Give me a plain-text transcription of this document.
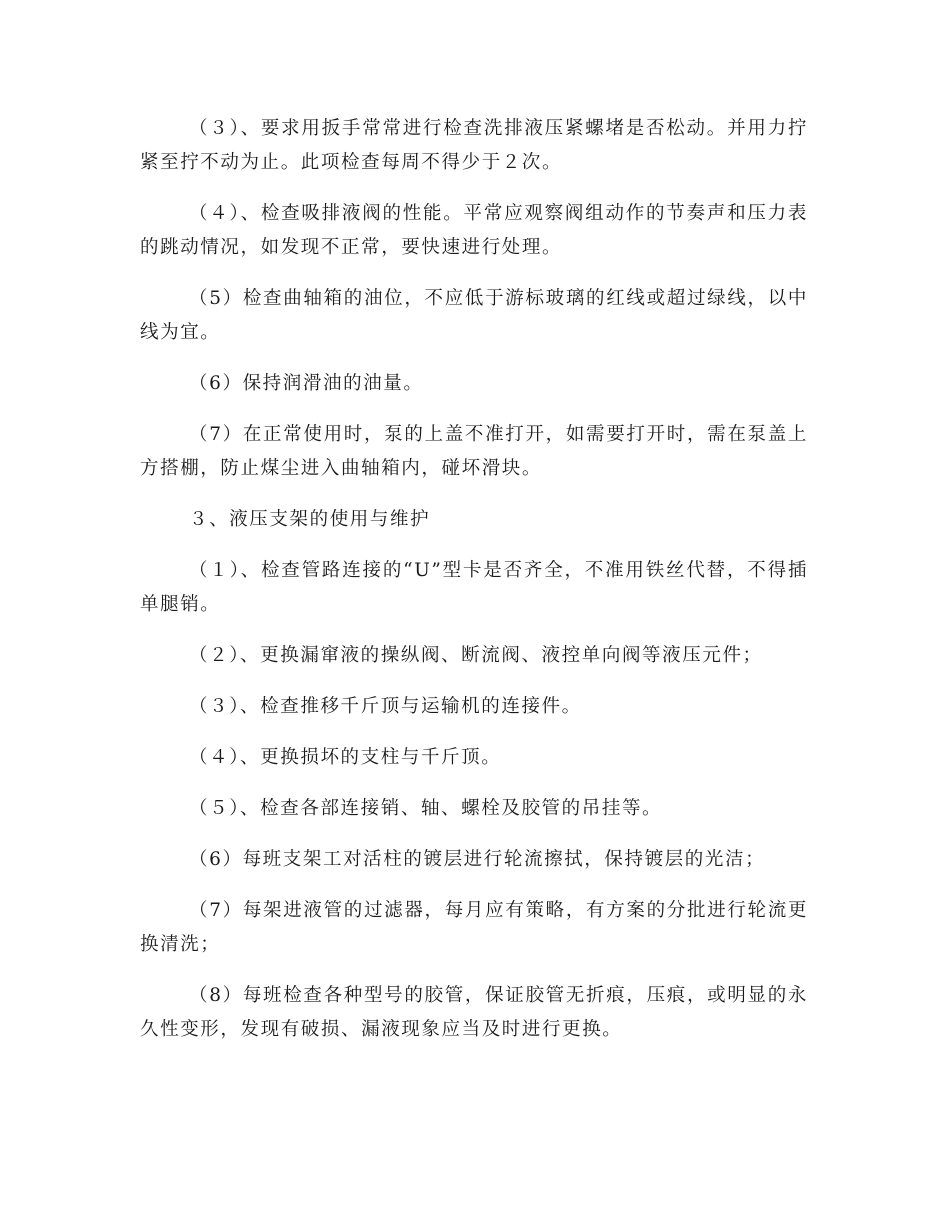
（３）、要求用扳手常常进行检查洗排液压紧螺堵是否松动。并用力拧紧至拧不动为止。此项检查每周不得少于２次。

（４）、检查吸排液阀的性能。平常应观察阀组动作的节奏声和压力表的跳动情况，如发现不正常，要快速进行处理。

（5）检查曲轴箱的油位，不应低于游标玻璃的红线或超过绿线，以中线为宜。

（6）保持润滑油的油量。

（7）在正常使用时，泵的上盖不准打开，如需要打开时，需在泵盖上方搭棚，防止煤尘进入曲轴箱内，碰坏滑块。

３、液压支架的使用与维护

（１）、检查管路连接的“U”型卡是否齐全，不准用铁丝代替，不得插单腿销。

（２）、更换漏窜液的操纵阀、断流阀、液控单向阀等液压元件；

（３）、检查推移千斤顶与运输机的连接件。

（４）、更换损坏的支柱与千斤顶。

（５）、检查各部连接销、轴、螺栓及胶管的吊挂等。

（6）每班支架工对活柱的镀层进行轮流擦拭，保持镀层的光洁；

（7）每架进液管的过滤器，每月应有策略，有方案的分批进行轮流更换清洗；

（8）每班检查各种型号的胶管，保证胶管无折痕，压痕，或明显的永久性变形，发现有破损、漏液现象应当及时进行更换。
